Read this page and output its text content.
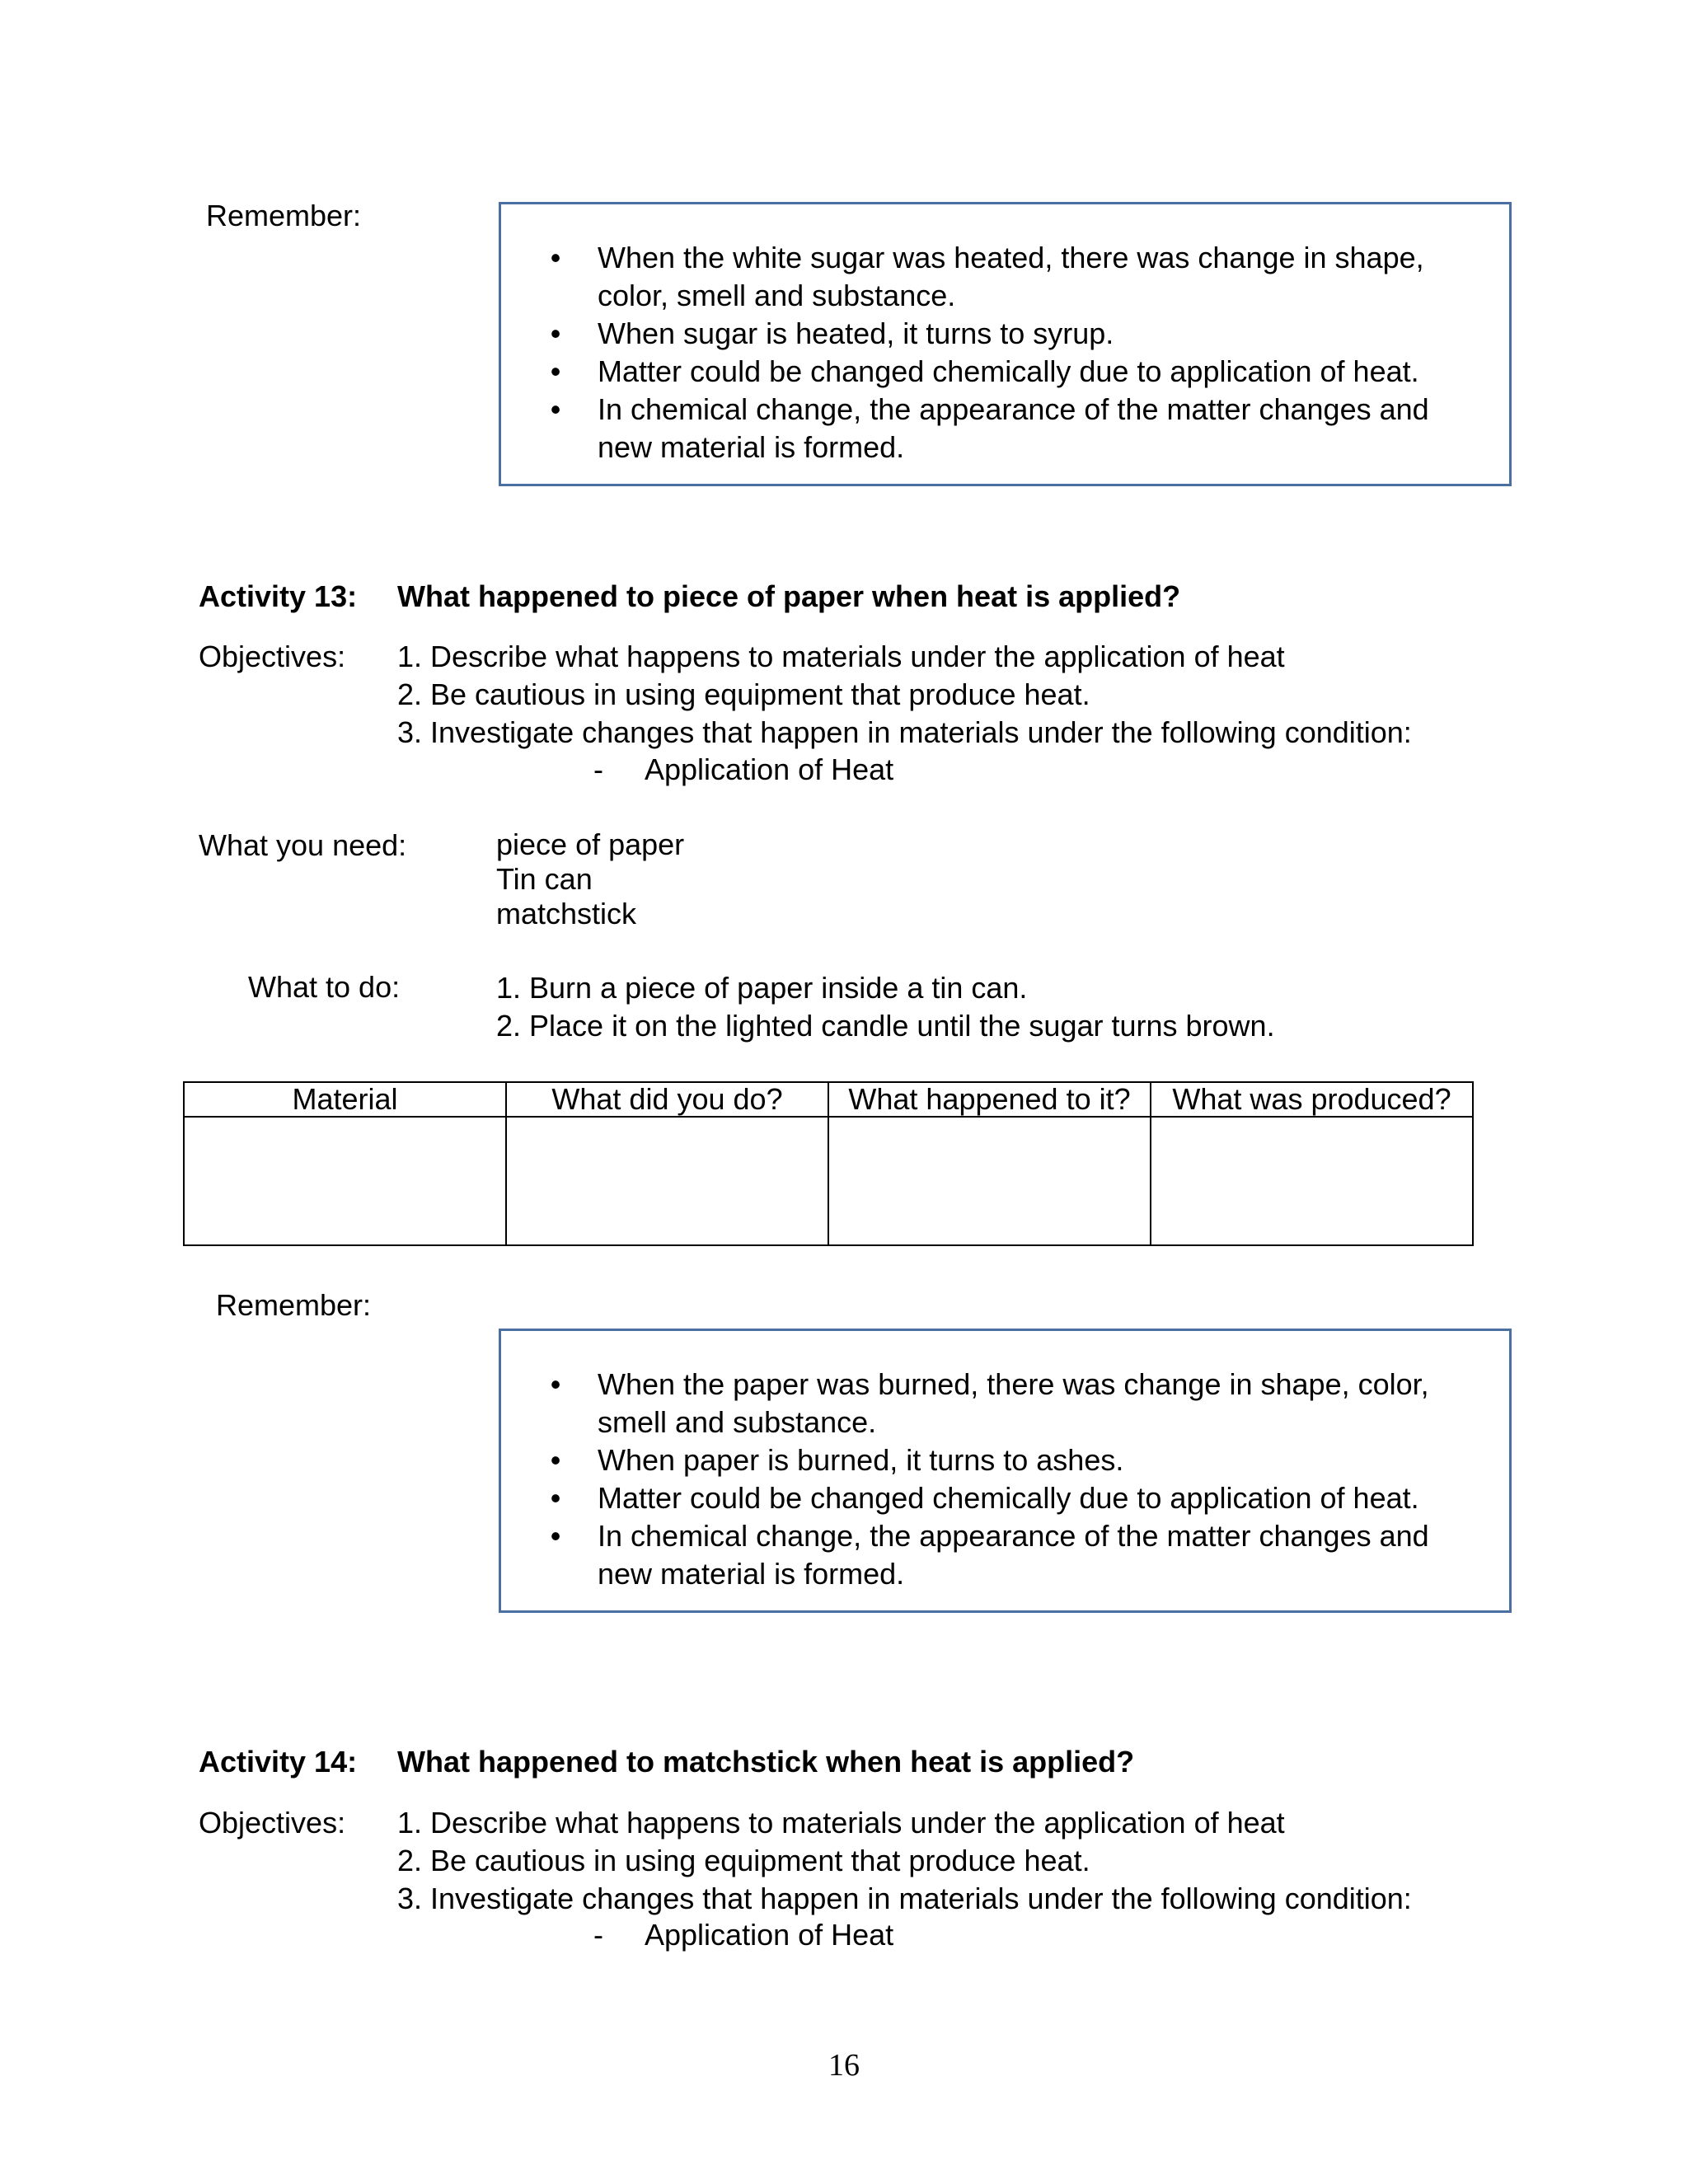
Remember:
• When the white sugar was heated, there was change in shape, color, smell and substance.
• When sugar is heated, it turns to syrup.
• Matter could be changed chemically due to application of heat.
• In chemical change, the appearance of the matter changes and new material is formed.
Activity 13: What happened to piece of paper when heat is applied?
Objectives: 1. Describe what happens to materials under the application of heat
2. Be cautious in using equipment that produce heat.
3. Investigate changes that happen in materials under the following condition:
- Application of Heat
What you need:	piece of paper
Tin can
matchstick
What to do:	1. Burn a piece of paper inside a tin can.
2. Place it on the lighted candle until the sugar turns brown.
Material	What did you do?	What happened to it?	What was produced?

Remember:
• When the paper was burned, there was change in shape, color, smell and substance.
• When paper is burned, it turns to ashes.
• Matter could be changed chemically due to application of heat.
• In chemical change, the appearance of the matter changes and new material is formed.
Activity 14: What happened to matchstick when heat is applied?
Objectives: 1. Describe what happens to materials under the application of heat
2. Be cautious in using equipment that produce heat.
3. Investigate changes that happen in materials under the following condition:
- Application of Heat
16
